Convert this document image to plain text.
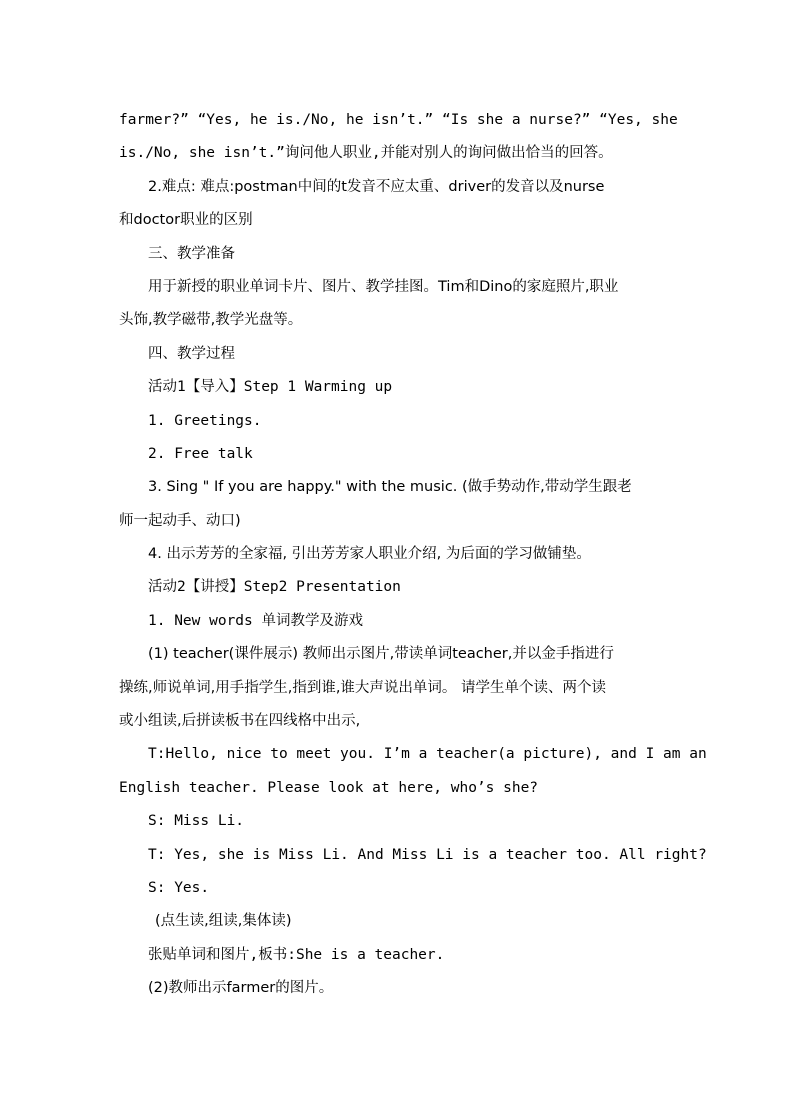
farmer?” “Yes, he is./No, he isn’t.” “Is she a nurse?” “Yes, she
is./No, she isn’t.”询问他人职业,并能对别人的询问做出恰当的回答。
2.难点: 难点:postman中间的t发音不应太重、driver的发音以及nurse
和doctor职业的区别
三、教学准备
用于新授的职业单词卡片、图片、教学挂图。Tim和Dino的家庭照片,职业
头饰,教学磁带,教学光盘等。
四、教学过程
活动1【导入】Step 1 Warming up
1. Greetings.
2. Free talk
3. Sing " If you are happy." with the music. (做手势动作,带动学生跟老
师一起动手、动口)
4. 出示芳芳的全家福, 引出芳芳家人职业介绍, 为后面的学习做铺垫。
活动2【讲授】Step2 Presentation
1. New words 单词教学及游戏
(1) teacher(课件展示) 教师出示图片,带读单词teacher,并以金手指进行
操练,师说单词,用手指学生,指到谁,谁大声说出单词。 请学生单个读、两个读
或小组读,后拼读板书在四线格中出示,
T:Hello, nice to meet you. I’m a teacher(a picture), and I am an
English teacher. Please look at here, who’s she?
S: Miss Li.
T: Yes, she is Miss Li. And Miss Li is a teacher too. All right?
S: Yes.
(点生读,组读,集体读)
张贴单词和图片,板书:She is a teacher.
(2)教师出示farmer的图片。
